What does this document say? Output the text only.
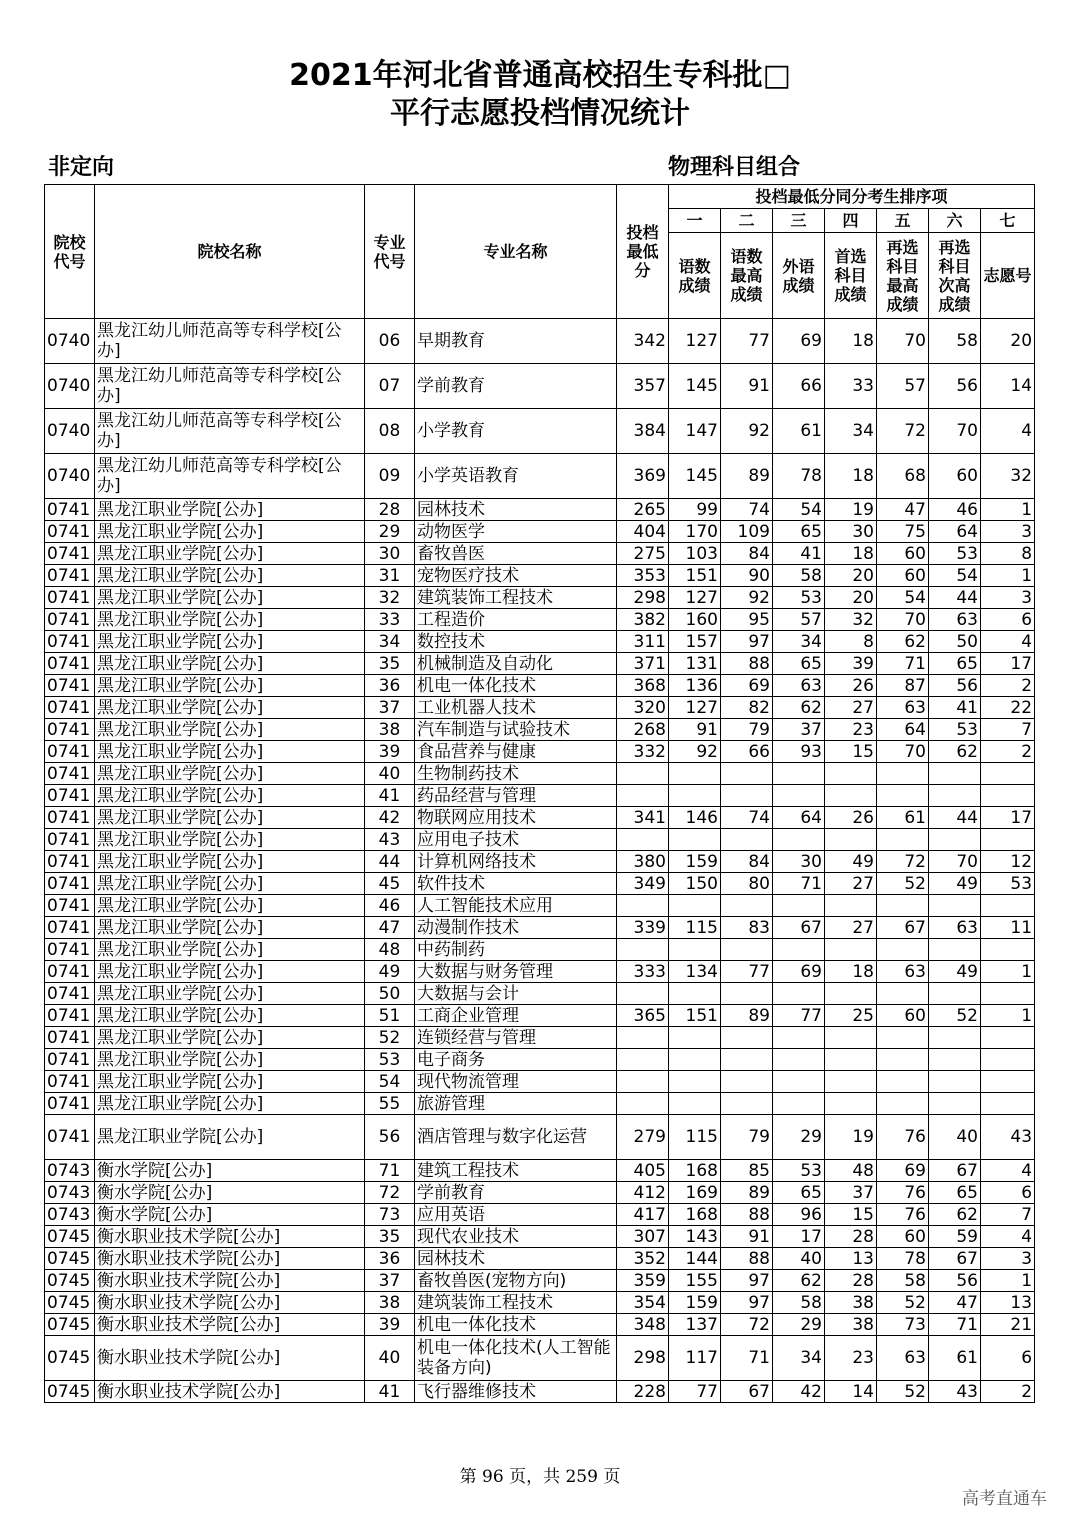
2021年河北省普通高校招生专科批□
平行志愿投档情况统计
非定向	物理科目组合
院校代号	院校名称	专业代号	专业名称	投档最低分	投档最低分同分考生排序项						
					一	二	三	四	五	六	七
					语数成绩	语数最高成绩	外语成绩	首选科目成绩	再选科目最高成绩	再选科目次高成绩	志愿号
0740	黑龙江幼儿师范高等专科学校[公办]	06	早期教育	342	127	77	69	18	70	58	20
0740	黑龙江幼儿师范高等专科学校[公办]	07	学前教育	357	145	91	66	33	57	56	14
0740	黑龙江幼儿师范高等专科学校[公办]	08	小学教育	384	147	92	61	34	72	70	4
0740	黑龙江幼儿师范高等专科学校[公办]	09	小学英语教育	369	145	89	78	18	68	60	32
0741	黑龙江职业学院[公办]	28	园林技术	265	99	74	54	19	47	46	1
0741	黑龙江职业学院[公办]	29	动物医学	404	170	109	65	30	75	64	3
0741	黑龙江职业学院[公办]	30	畜牧兽医	275	103	84	41	18	60	53	8
0741	黑龙江职业学院[公办]	31	宠物医疗技术	353	151	90	58	20	60	54	1
0741	黑龙江职业学院[公办]	32	建筑装饰工程技术	298	127	92	53	20	54	44	3
0741	黑龙江职业学院[公办]	33	工程造价	382	160	95	57	32	70	63	6
0741	黑龙江职业学院[公办]	34	数控技术	311	157	97	34	8	62	50	4
0741	黑龙江职业学院[公办]	35	机械制造及自动化	371	131	88	65	39	71	65	17
0741	黑龙江职业学院[公办]	36	机电一体化技术	368	136	69	63	26	87	56	2
0741	黑龙江职业学院[公办]	37	工业机器人技术	320	127	82	62	27	63	41	22
0741	黑龙江职业学院[公办]	38	汽车制造与试验技术	268	91	79	37	23	64	53	7
0741	黑龙江职业学院[公办]	39	食品营养与健康	332	92	66	93	15	70	62	2
0741	黑龙江职业学院[公办]	40	生物制药技术								
0741	黑龙江职业学院[公办]	41	药品经营与管理								
0741	黑龙江职业学院[公办]	42	物联网应用技术	341	146	74	64	26	61	44	17
0741	黑龙江职业学院[公办]	43	应用电子技术								
0741	黑龙江职业学院[公办]	44	计算机网络技术	380	159	84	30	49	72	70	12
0741	黑龙江职业学院[公办]	45	软件技术	349	150	80	71	27	52	49	53
0741	黑龙江职业学院[公办]	46	人工智能技术应用								
0741	黑龙江职业学院[公办]	47	动漫制作技术	339	115	83	67	27	67	63	11
0741	黑龙江职业学院[公办]	48	中药制药								
0741	黑龙江职业学院[公办]	49	大数据与财务管理	333	134	77	69	18	63	49	1
0741	黑龙江职业学院[公办]	50	大数据与会计								
0741	黑龙江职业学院[公办]	51	工商企业管理	365	151	89	77	25	60	52	1
0741	黑龙江职业学院[公办]	52	连锁经营与管理								
0741	黑龙江职业学院[公办]	53	电子商务								
0741	黑龙江职业学院[公办]	54	现代物流管理								
0741	黑龙江职业学院[公办]	55	旅游管理								
0741	黑龙江职业学院[公办]	56	酒店管理与数字化运营	279	115	79	29	19	76	40	43
0743	衡水学院[公办]	71	建筑工程技术	405	168	85	53	48	69	67	4
0743	衡水学院[公办]	72	学前教育	412	169	89	65	37	76	65	6
0743	衡水学院[公办]	73	应用英语	417	168	88	96	15	76	62	7
0745	衡水职业技术学院[公办]	35	现代农业技术	307	143	91	17	28	60	59	4
0745	衡水职业技术学院[公办]	36	园林技术	352	144	88	40	13	78	67	3
0745	衡水职业技术学院[公办]	37	畜牧兽医(宠物方向)	359	155	97	62	28	58	56	1
0745	衡水职业技术学院[公办]	38	建筑装饰工程技术	354	159	97	58	38	52	47	13
0745	衡水职业技术学院[公办]	39	机电一体化技术	348	137	72	29	38	73	71	21
0745	衡水职业技术学院[公办]	40	机电一体化技术(人工智能装备方向)	298	117	71	34	23	63	61	6
0745	衡水职业技术学院[公办]	41	飞行器维修技术	228	77	67	42	14	52	43	2
第 96 页，共 259 页
高考直通车
